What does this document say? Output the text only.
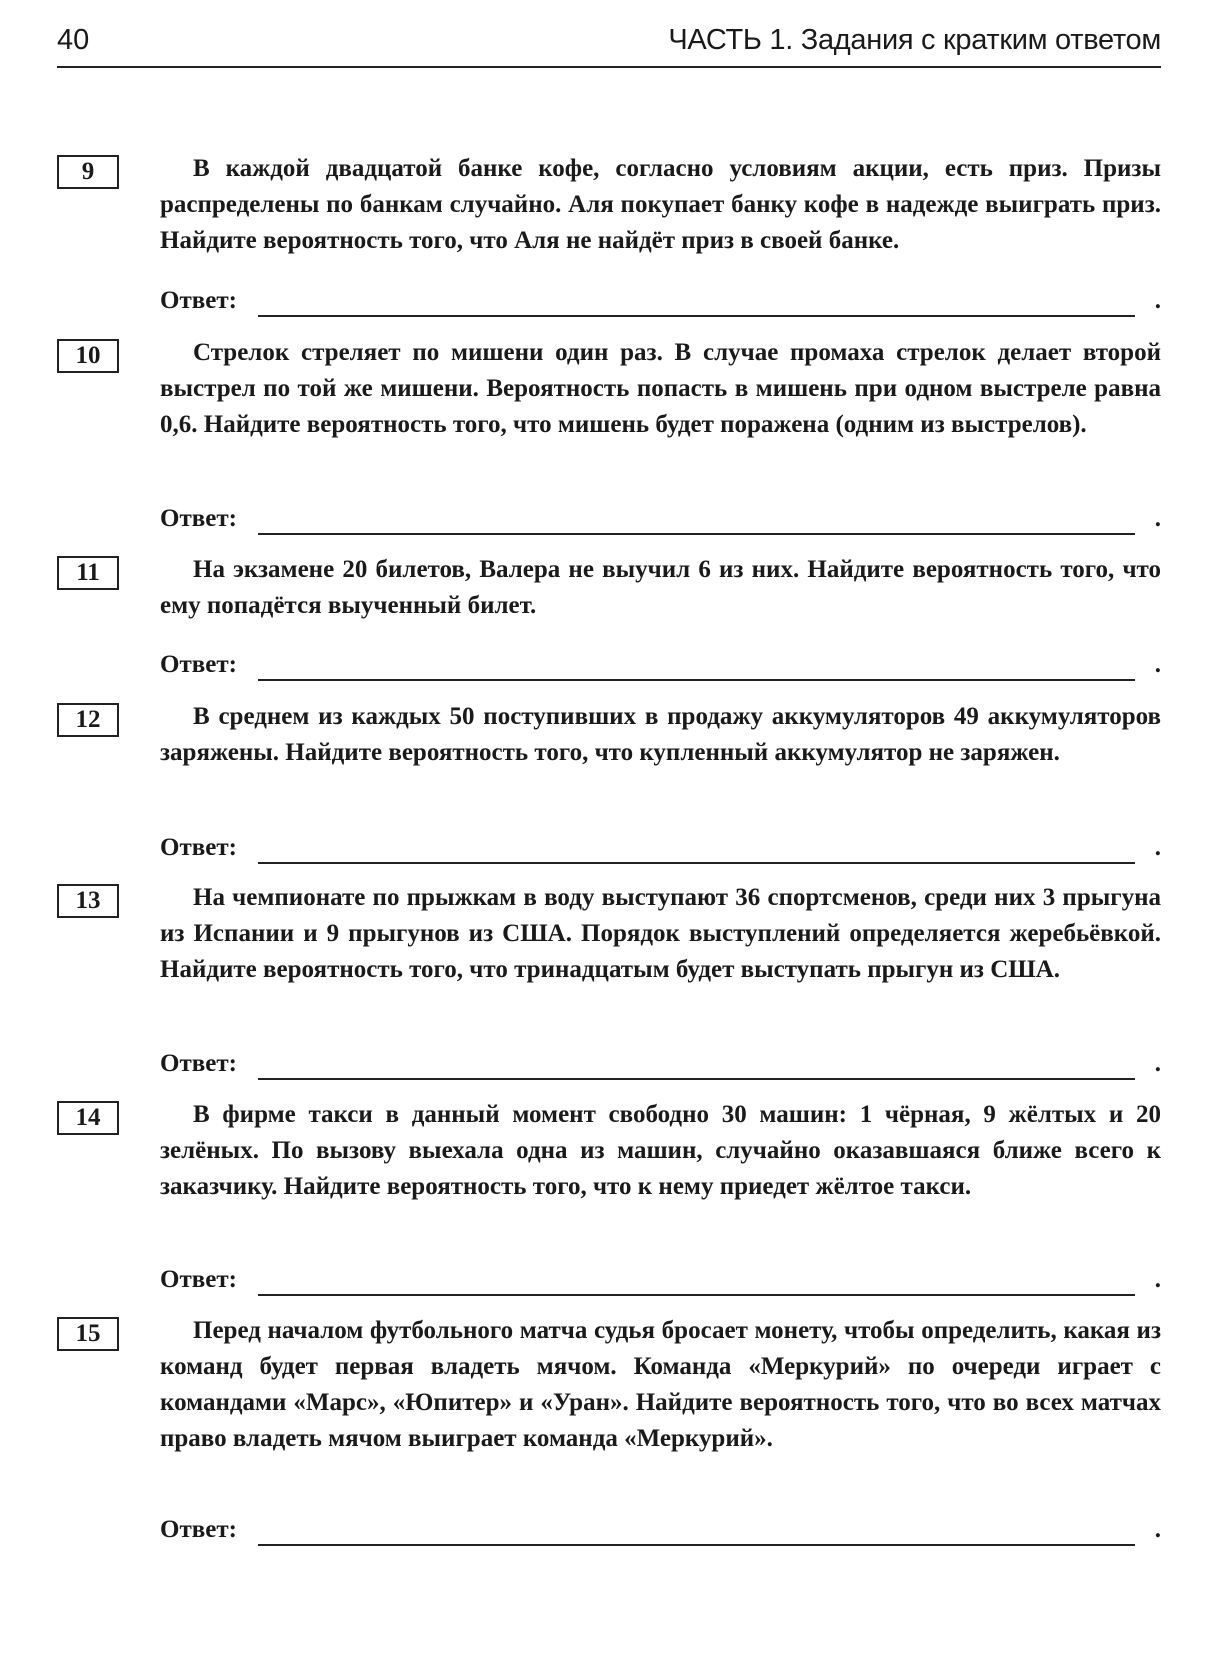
40	ЧАСТЬ 1. Задания с кратким ответом
9	В каждой двадцатой банке кофе, согласно условиям акции, есть приз. Призы распределены по банкам случайно. Аля покупает банку кофе в надежде выиграть приз. Найдите вероятность того, что Аля не найдёт приз в своей банке.

Ответ:	.
10	Стрелок стреляет по мишени один раз. В случае промаха стрелок делает второй выстрел по той же мишени. Вероятность попасть в мишень при одном выстреле равна 0,6. Найдите вероятность того, что мишень будет поражена (одним из выстрелов).

Ответ:	.
11	На экзамене 20 билетов, Валера не выучил 6 из них. Найдите вероятность того, что ему попадётся выученный билет.

Ответ:	.
12	В среднем из каждых 50 поступивших в продажу аккумуляторов 49 аккумуляторов заряжены. Найдите вероятность того, что купленный аккумулятор не заряжен.

Ответ:	.
13	На чемпионате по прыжкам в воду выступают 36 спортсменов, среди них 3 прыгуна из Испании и 9 прыгунов из США. Порядок выступлений определяется жеребьёвкой. Найдите вероятность того, что тринадцатым будет выступать прыгун из США.

Ответ:	.
14	В фирме такси в данный момент свободно 30 машин: 1 чёрная, 9 жёлтых и 20 зелёных. По вызову выехала одна из машин, случайно оказавшаяся ближе всего к заказчику. Найдите вероятность того, что к нему приедет жёлтое такси.

Ответ:	.
15	Перед началом футбольного матча судья бросает монету, чтобы определить, какая из команд будет первая владеть мячом. Команда «Меркурий» по очереди играет с командами «Марс», «Юпитер» и «Уран». Найдите вероятность того, что во всех матчах право владеть мячом выиграет команда «Меркурий».

Ответ:	.
